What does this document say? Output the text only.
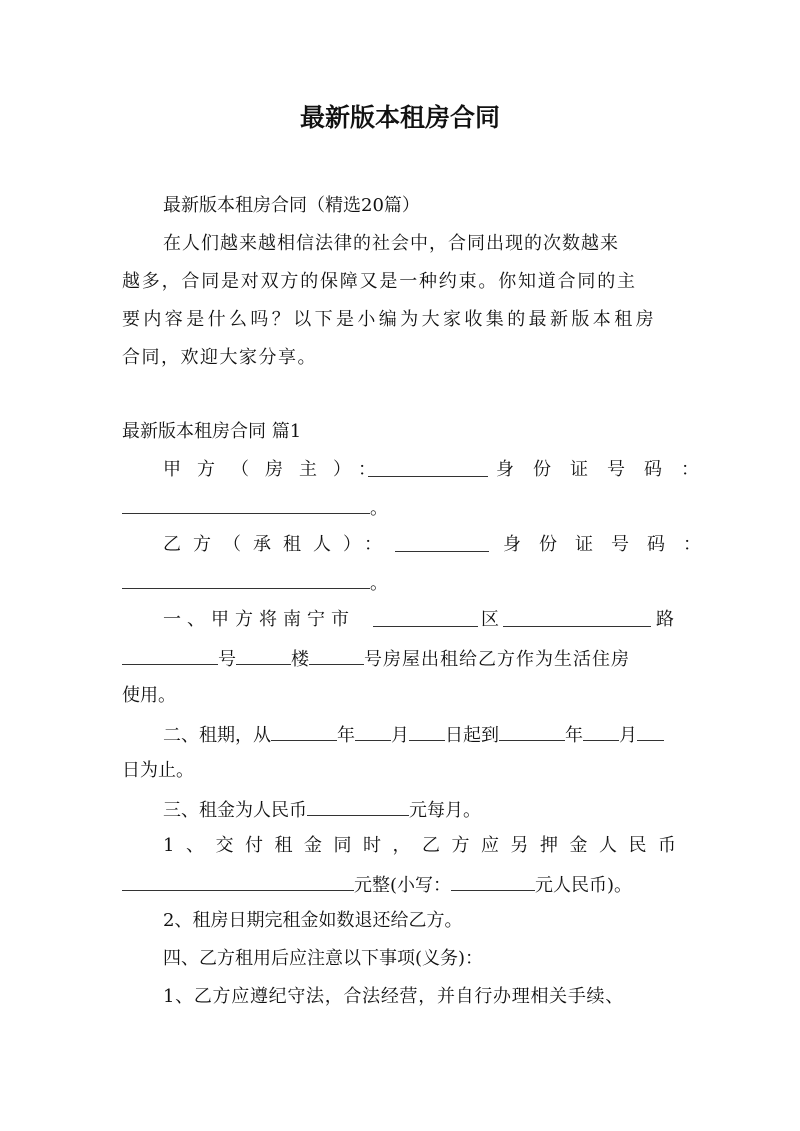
最新版本租房合同
最新版本租房合同（精选20篇）
在人们越来越相信法律的社会中，合同出现的次数越来
越多，合同是对双方的保障又是一种约束。你知道合同的主
要内容是什么吗？以下是小编为大家收集的最新版本租房
合同，欢迎大家分享。
最新版本租房合同 篇1
甲方（房主）：	身份证号码：
。
乙方（承租人）：	身份证号码：
。
一、甲方将南宁市	区	路
号	楼	号房屋出租给乙方作为生活住房
使用。
二、租期，从	年 月 日起到	年 月
日为止。
三、租金为人民币	元每月。
1、交付租金同时，乙方应另押金人民币
元整(小写：	元人民币)。
2、租房日期完租金如数退还给乙方。
四、乙方租用后应注意以下事项(义务)：
1、乙方应遵纪守法，合法经营，并自行办理相关手续、
